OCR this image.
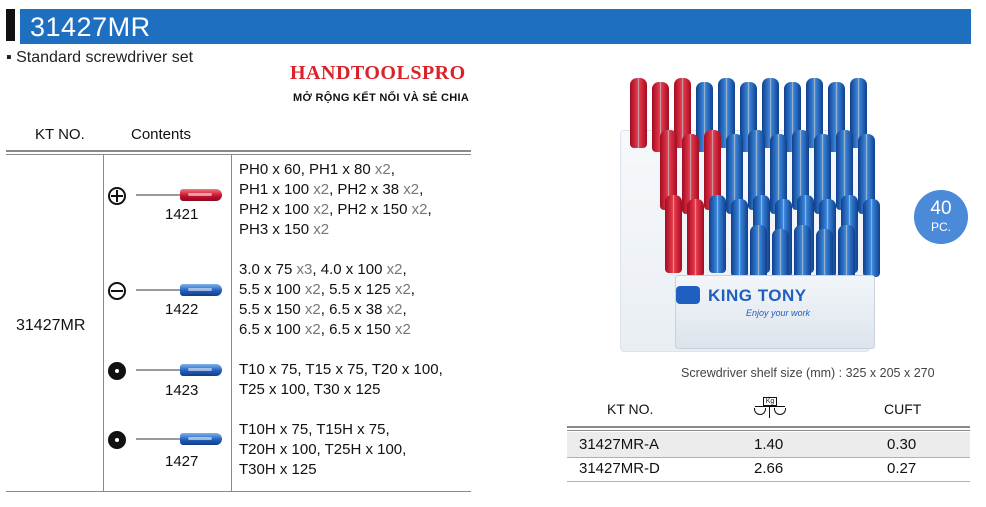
31427MR
▪ Standard screwdriver set
HANDTOOLSPRO
MỞ RỘNG KẾT NỐI VÀ SẺ CHIA
KT NO.	Contents
31427MR
1421
PH0 x 60, PH1 x 80 x2,
PH1 x 100 x2, PH2 x 38 x2,
PH2 x 100 x2, PH2 x 150 x2,
PH3 x 150 x2
1422
3.0 x 75 x3, 4.0 x 100 x2,
5.5 x 100 x2, 5.5 x 125 x2,
5.5 x 150 x2, 6.5 x 38 x2,
6.5 x 100 x2, 6.5 x 150 x2
1423
T10 x 75, T15 x 75, T20 x 100,
T25 x 100, T30 x 125
1427
T10H x 75, T15H x 75,
T20H x 100, T25H x 100,
T30H x 125
KING TONY
Enjoy your work
40
PC.
Screwdriver shelf size (mm) : 325 x 205 x 270
KT NO.	Kg	CUFT
31427MR-A	1.40	0.30
31427MR-D	2.66	0.27
